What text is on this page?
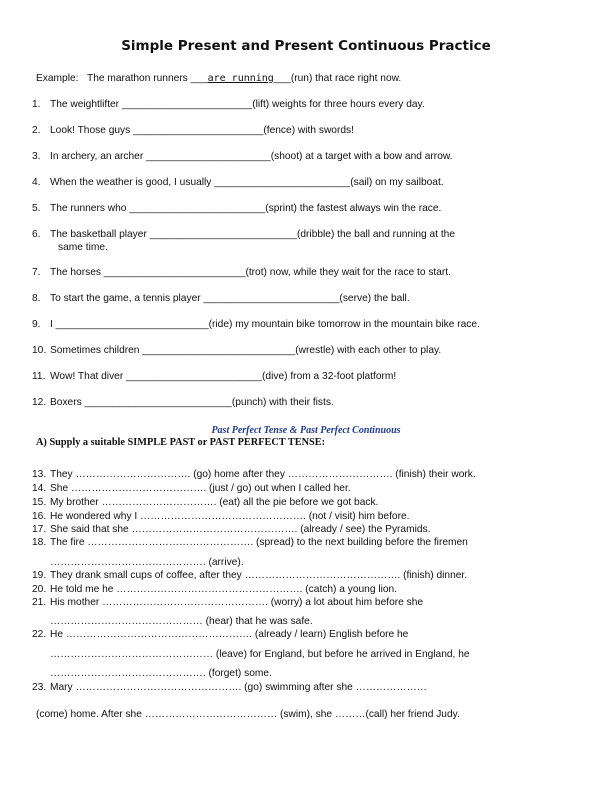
Simple Present and Present Continuous Practice
Example: The marathon runners ___are running___(run) that race right now.
1. The weightlifter _______________________(lift) weights for three hours every day.
2. Look! Those guys _______________________(fence) with swords!
3. In archery, an archer ______________________(shoot) at a target with a bow and arrow.
4. When the weather is good, I usually ________________________(sail) on my sailboat.
5. The runners who ________________________(sprint) the fastest always win the race.
6. The basketball player __________________________(dribble) the ball and running at the
same time.
7. The horses _________________________(trot) now, while they wait for the race to start.
8. To start the game, a tennis player ________________________(serve) the ball.
9. I ___________________________(ride) my mountain bike tomorrow in the mountain bike race.
10. Sometimes children ___________________________(wrestle) with each other to play.
11. Wow! That diver ________________________(dive) from a 32-foot platform!
12. Boxers __________________________(punch) with their fists.
Past Perfect Tense & Past Perfect Continuous
A) Supply a suitable SIMPLE PAST or PAST PERFECT TENSE:
13. They ……………………………. (go) home after they …………………………. (finish) their work.
14. She …………………………………. (just / go) out when I called her.
15. My brother ……………………………. (eat) all the pie before we got back.
16. He wondered why I …………………………………………. (not / visit) him before.
17. She said that she …………………………………………. (already / see) the Pyramids.
18. The fire …………………………………………. (spread) to the next building before the firemen
………………………………………. (arrive).
19. They drank small cups of coffee, after they ………………………………………. (finish) dinner.
20. He told me he ………………………………………………. (catch) a young lion.
21. His mother …………………………………………. (worry) a lot about him before she
……………………………………… (hear) that he was safe.
22. He ………………………………………………. (already / learn) English before he
………………………………………… (leave) for England, but before he arrived in England, he
………………………………………. (forget) some.
23. Mary …………………………………………. (go) swimming after she …………………
(come) home. After she ………………………………… (swim), she ………(call) her friend Judy.
